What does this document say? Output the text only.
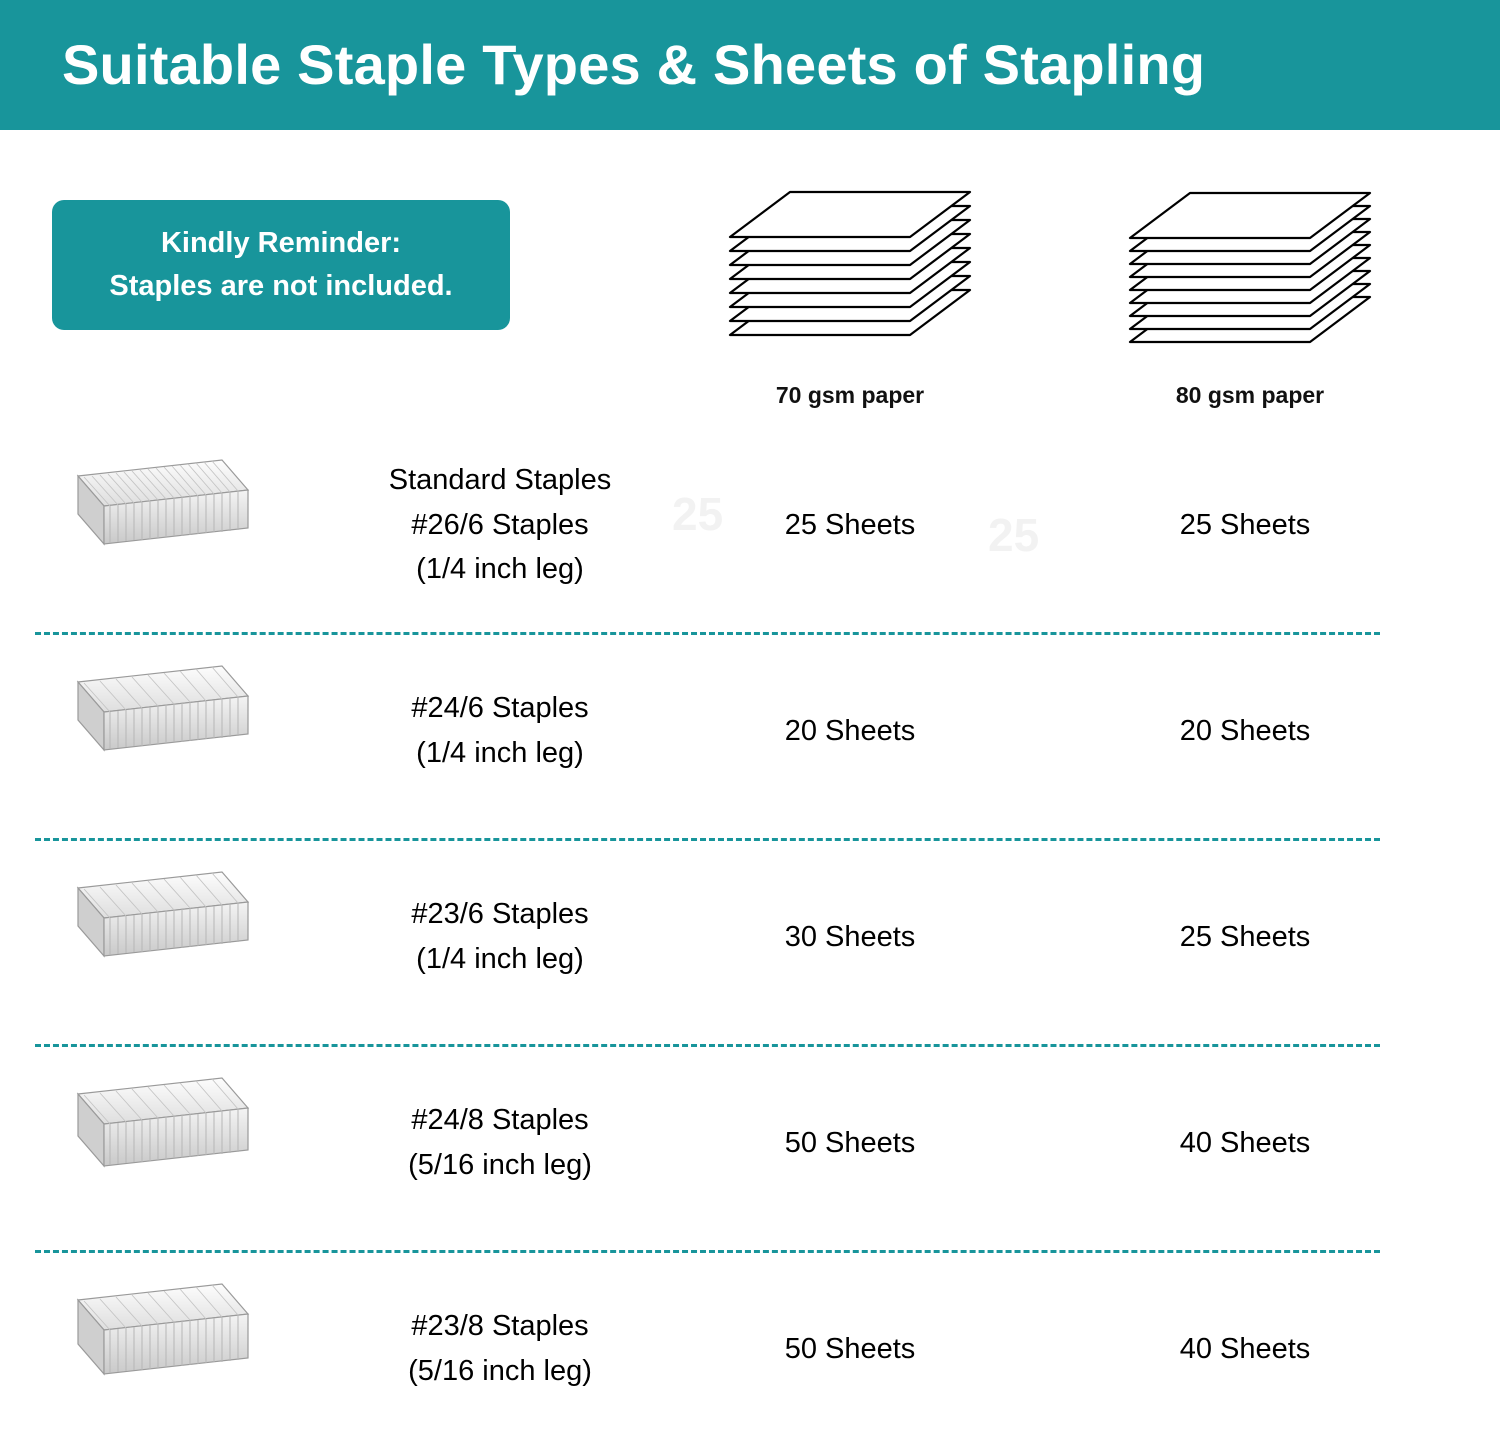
Suitable Staple Types & Sheets of Stapling
Kindly Reminder:
Staples are not included.
70 gsm paper	80 gsm paper
25	25
Standard Staples
#26/6 Staples
(1/4 inch leg)
25 Sheets	25 Sheets
#24/6 Staples
(1/4 inch leg)
20 Sheets	20 Sheets
#23/6 Staples
(1/4 inch leg)
30 Sheets	25 Sheets
#24/8 Staples
(5/16 inch leg)
50 Sheets	40 Sheets
#23/8 Staples
(5/16 inch leg)
50 Sheets	40 Sheets
